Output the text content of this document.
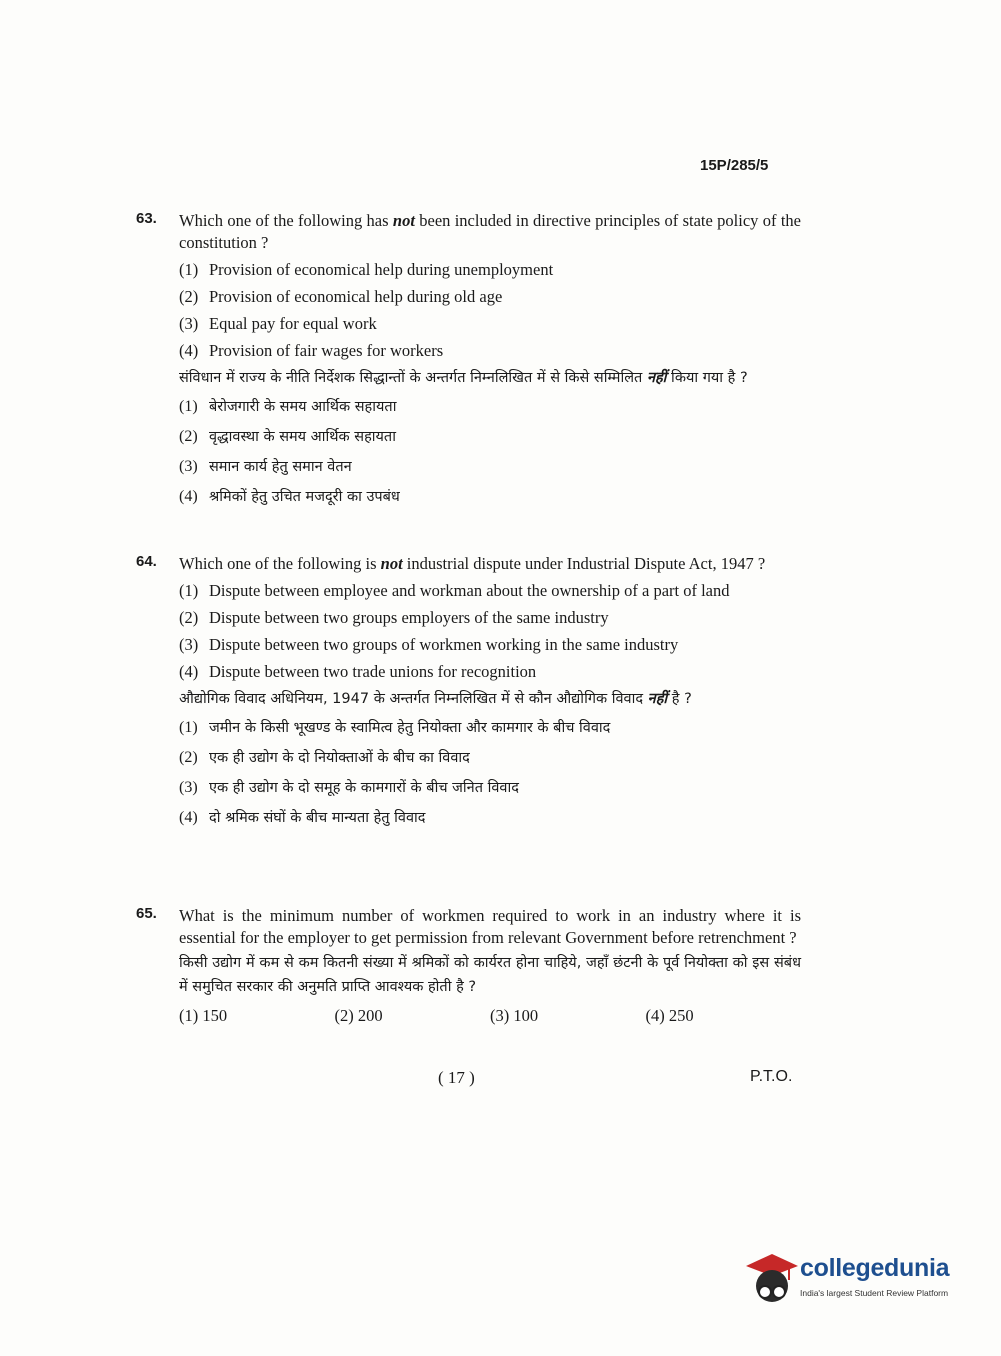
15P/285/5
63. Which one of the following has not been included in directive principles of state policy of the constitution ?
(1) Provision of economical help during unemployment
(2) Provision of economical help during old age
(3) Equal pay for equal work
(4) Provision of fair wages for workers
संविधान में राज्य के नीति निर्देशक सिद्धान्तों के अन्तर्गत निम्नलिखित में से किसे सम्मिलित नहीं किया गया है ?
(1) बेरोजगारी के समय आर्थिक सहायता
(2) वृद्धावस्था के समय आर्थिक सहायता
(3) समान कार्य हेतु समान वेतन
(4) श्रमिकों हेतु उचित मजदूरी का उपबंध
64. Which one of the following is not industrial dispute under Industrial Dispute Act, 1947 ?
(1) Dispute between employee and workman about the ownership of a part of land
(2) Dispute between two groups employers of the same industry
(3) Dispute between two groups of workmen working in the same industry
(4) Dispute between two trade unions for recognition
औद्योगिक विवाद अधिनियम, 1947 के अन्तर्गत निम्नलिखित में से कौन औद्योगिक विवाद नहीं है ?
(1) जमीन के किसी भूखण्ड के स्वामित्व हेतु नियोक्ता और कामगार के बीच विवाद
(2) एक ही उद्योग के दो नियोक्ताओं के बीच का विवाद
(3) एक ही उद्योग के दो समूह के कामगारों के बीच जनित विवाद
(4) दो श्रमिक संघों के बीच मान्यता हेतु विवाद
65. What is the minimum number of workmen required to work in an industry where it is essential for the employer to get permission from relevant Government before retrenchment ?
किसी उद्योग में कम से कम कितनी संख्या में श्रमिकों को कार्यरत होना चाहिये, जहाँ छंटनी के पूर्व नियोक्ता को इस संबंध में समुचित सरकार की अनुमति प्राप्ति आवश्यक होती है ?
(1) 150	(2) 200	(3) 100	(4) 250
( 17 )	P.T.O.
collegedunia
India's largest Student Review Platform
